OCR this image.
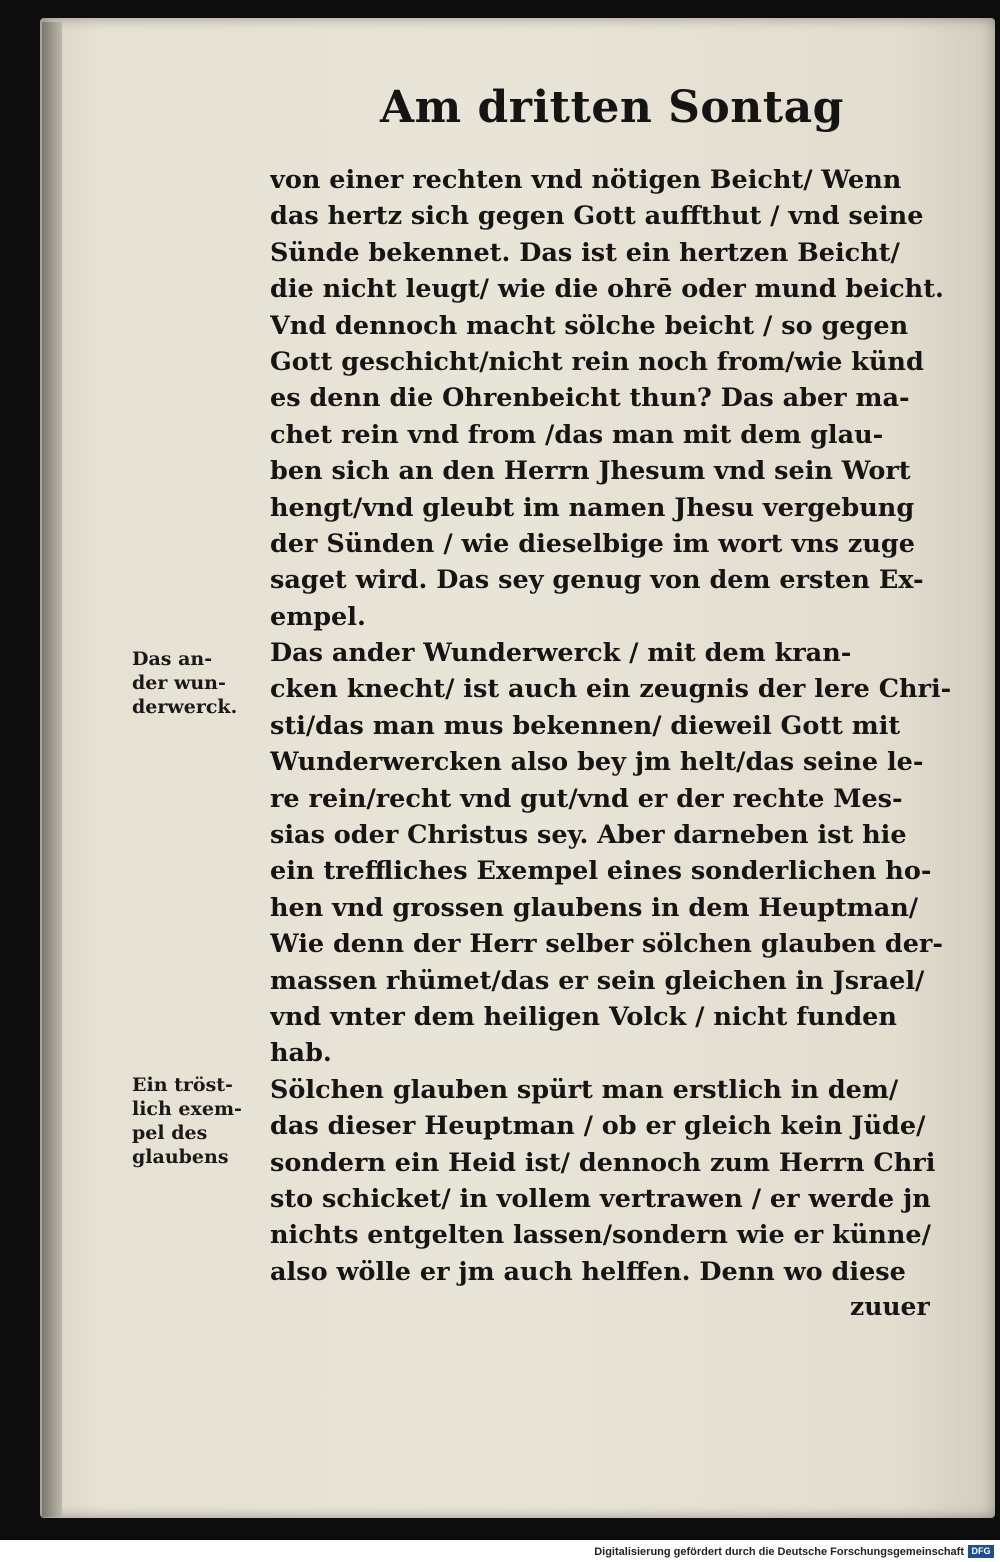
Am dritten Sontag
von einer rechten vnd nötigen Beicht/ Wenn
das hertz sich gegen Gott auffthut / vnd seine
Sünde bekennet. Das ist ein hertzen Beicht/
die nicht leugt/ wie die ohrē oder mund beicht.
Vnd dennoch macht sölche beicht / so gegen
Gott geschicht/nicht rein noch from/wie künd
es denn die Ohrenbeicht thun? Das aber ma-
chet rein vnd from /das man mit dem glau-
ben sich an den Herrn Jhesum vnd sein Wort
hengt/vnd gleubt im namen Jhesu vergebung
der Sünden / wie dieselbige im wort vns zuge
saget wird. Das sey genug von dem ersten Ex-
empel.
Das ander Wunderwerck / mit dem kran-
cken knecht/ ist auch ein zeugnis der lere Chri-
sti/das man mus bekennen/ dieweil Gott mit
Wunderwercken also bey jm helt/das seine le-
re rein/recht vnd gut/vnd er der rechte Mes-
sias oder Christus sey. Aber darneben ist hie
ein treffliches Exempel eines sonderlichen ho-
hen vnd grossen glaubens in dem Heuptman/
Wie denn der Herr selber sölchen glauben der-
massen rhümet/das er sein gleichen in Jsrael/
vnd vnter dem heiligen Volck / nicht funden
hab.
Sölchen glauben spürt man erstlich in dem/
das dieser Heuptman / ob er gleich kein Jüde/
sondern ein Heid ist/ dennoch zum Herrn Chri
sto schicket/ in vollem vertrawen / er werde jn
nichts entgelten lassen/sondern wie er künne/
also wölle er jm auch helffen. Denn wo diese
zuuer
Das an-
der wun-
derwerck.
Ein tröst-
lich exem-
pel des
glaubens
Digitalisierung gefördert durch die Deutsche Forschungsgemeinschaft DFG
